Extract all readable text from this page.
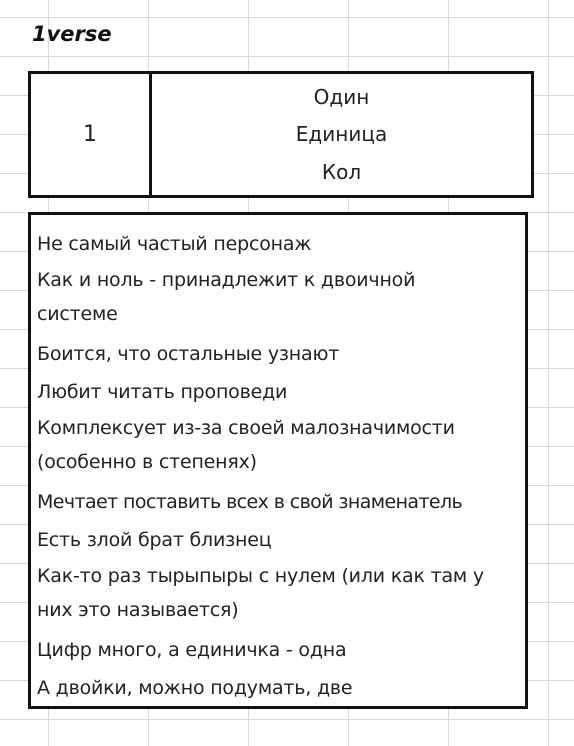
1verse
1
Один
Единица
Кол
Не самый частый персонаж
Как и ноль - принадлежит к двоичной системе
Боится, что остальные узнают
Любит читать проповеди
Комплексует из-за своей малозначимости (особенно в степенях)
Мечтает поставить всех в свой знаменатель
Есть злой брат близнец
Как-то раз тырыпыры с нулем (или как там у них это называется)
Цифр много, а единичка - одна
А двойки, можно подумать, две
